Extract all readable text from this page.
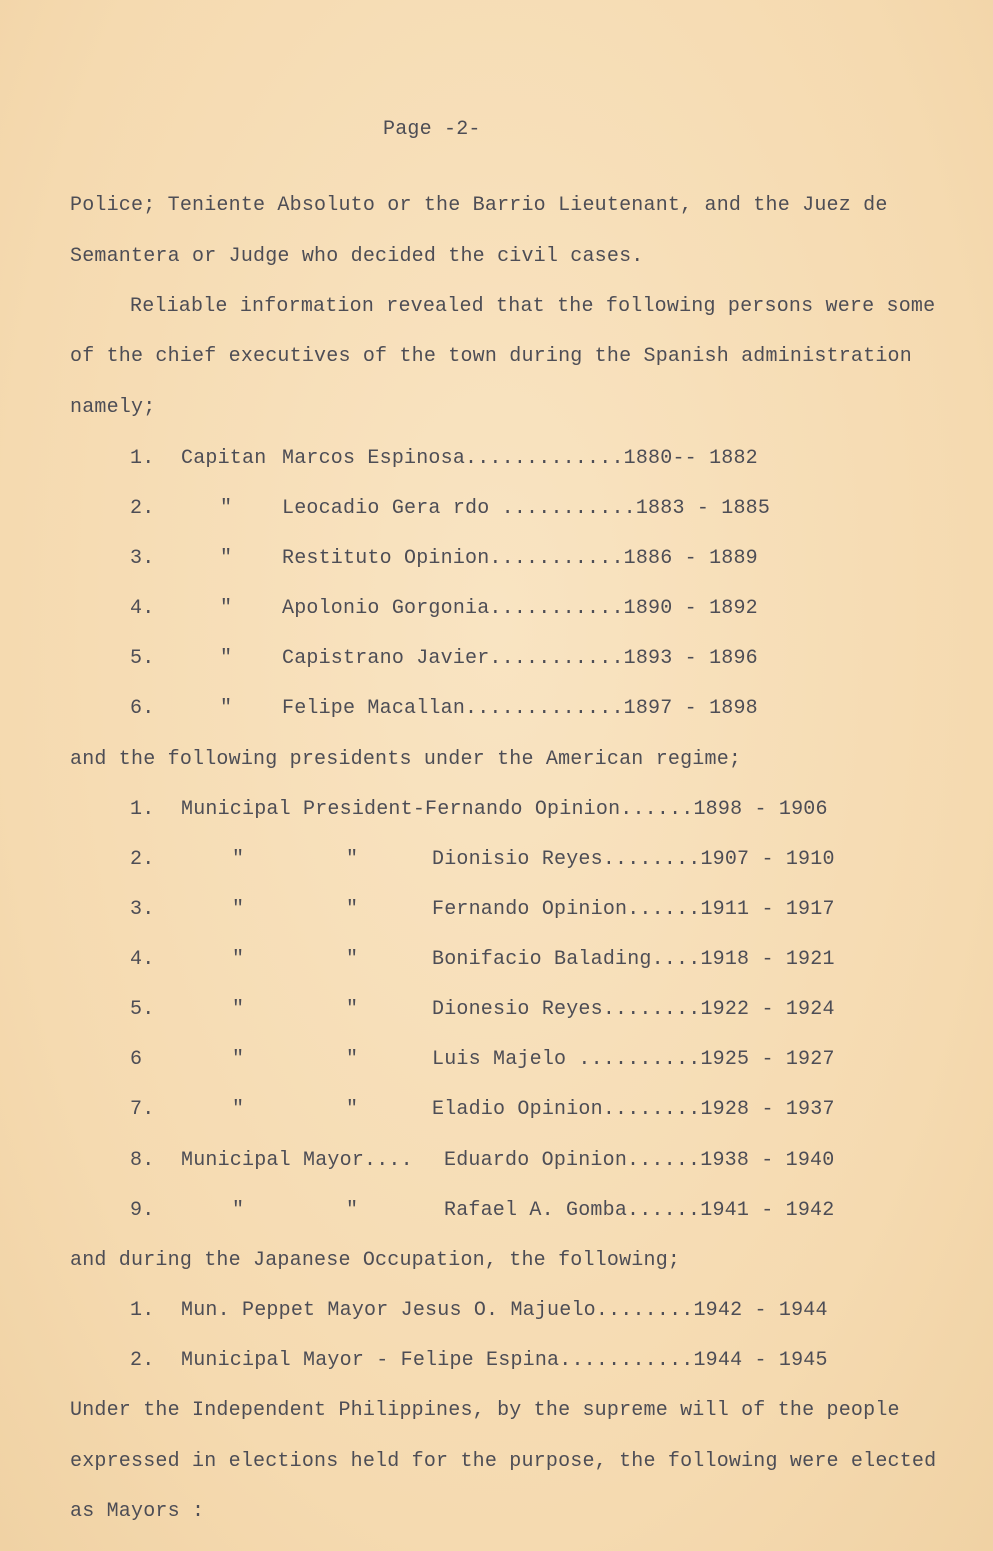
Page -2-
Police; Teniente Absoluto or the Barrio Lieutenant, and the Juez de
Semantera or Judge who decided the civil cases.
Reliable information revealed that the following persons were some
of the chief executives of the town during the Spanish administration
namely;
1. Capitan Marcos Espinosa.............1880-- 1882
2.	" Leocadio Gera rdo ...........1883 - 1885
3.	" Restituto Opinion...........1886 - 1889
4.	" Apolonio Gorgonia...........1890 - 1892
5.	" Capistrano Javier...........1893 - 1896
6.	" Felipe Macallan.............1897 - 1898
and the following presidents under the American regime;
1. Municipal President-Fernando Opinion......1898 - 1906
2.	"	"	Dionisio Reyes........1907 - 1910
3.	"	"	Fernando Opinion......1911 - 1917
4.	"	"	Bonifacio Balading....1918 - 1921
5.	"	"	Dionesio Reyes........1922 - 1924
6	"	"	Luis Majelo ..........1925 - 1927
7.	"	"	Eladio Opinion........1928 - 1937
8. Municipal Mayor.... Eduardo Opinion......1938 - 1940
9.	"	"	Rafael A. Gomba......1941 - 1942
and during the Japanese Occupation, the following;
1. Mun. Peppet Mayor Jesus O. Majuelo........1942 - 1944
2. Municipal Mayor - Felipe Espina...........1944 - 1945
Under the Independent Philippines, by the supreme will of the people
expressed in elections held for the purpose, the following were elected
as Mayors :
